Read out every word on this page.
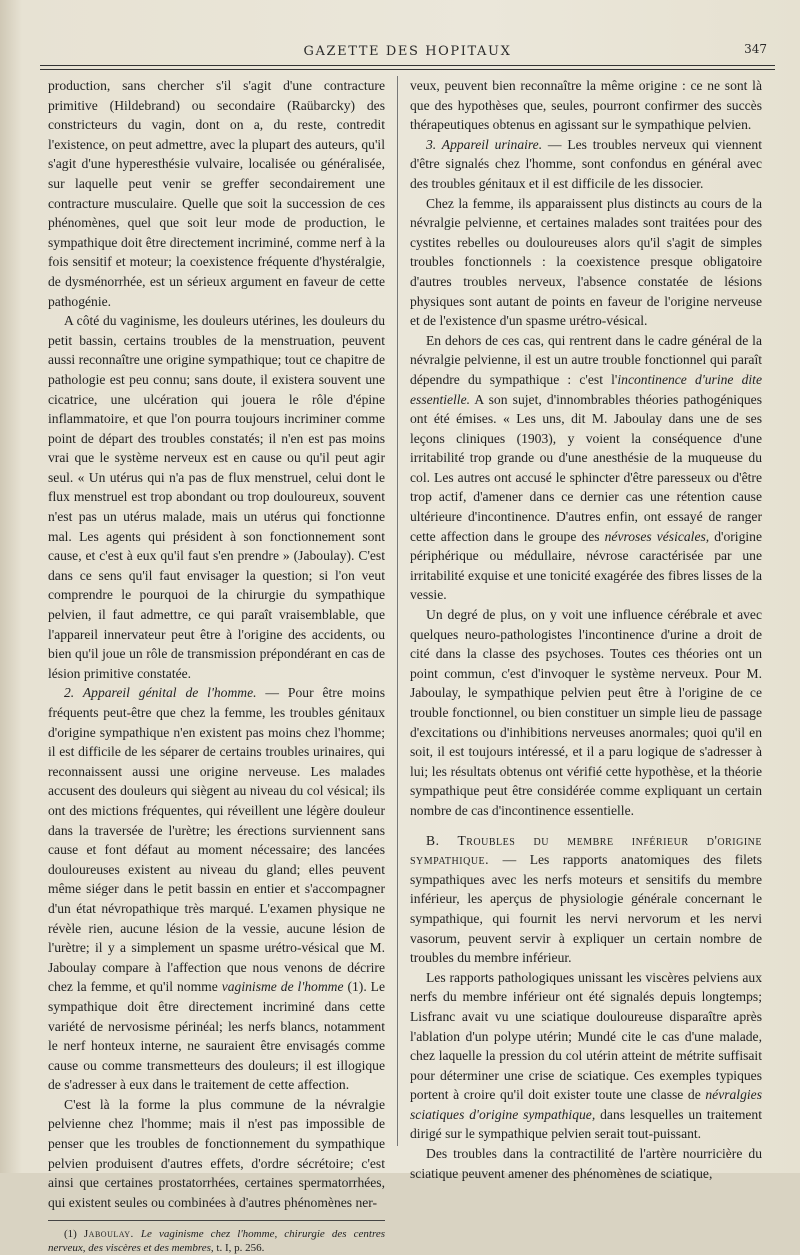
GAZETTE DES HOPITAUX	347

production, sans chercher s'il s'agit d'une contracture primitive (Hildebrand) ou secondaire (Raübarcky) des constricteurs du vagin, dont on a, du reste, contredit l'existence, on peut admettre, avec la plupart des auteurs, qu'il s'agit d'une hyperesthésie vulvaire, localisée ou généralisée, sur laquelle peut venir se greffer secondairement une contracture musculaire. Quelle que soit la succession de ces phénomènes, quel que soit leur mode de production, le sympathique doit être directement incriminé, comme nerf à la fois sensitif et moteur; la coexistence fréquente d'hystéralgie, de dysménorrhée, est un sérieux argument en faveur de cette pathogénie.

A côté du vaginisme, les douleurs utérines, les douleurs du petit bassin, certains troubles de la menstruation, peuvent aussi reconnaître une origine sympathique; tout ce chapitre de pathologie est peu connu; sans doute, il existera souvent une cicatrice, une ulcération qui jouera le rôle d'épine inflammatoire, et que l'on pourra toujours incriminer comme point de départ des troubles constatés; il n'en est pas moins vrai que le système nerveux est en cause ou qu'il peut agir seul. « Un utérus qui n'a pas de flux menstruel, celui dont le flux menstruel est trop abondant ou trop douloureux, souvent n'est pas un utérus malade, mais un utérus qui fonctionne mal. Les agents qui président à son fonctionnement sont cause, et c'est à eux qu'il faut s'en prendre » (Jaboulay). C'est dans ce sens qu'il faut envisager la question; si l'on veut comprendre le pourquoi de la chirurgie du sympathique pelvien, il faut admettre, ce qui paraît vraisemblable, que l'appareil innervateur peut être à l'origine des accidents, ou bien qu'il joue un rôle de transmission prépondérant en cas de lésion primitive constatée.

2. Appareil génital de l'homme. — Pour être moins fréquents peut-être que chez la femme, les troubles génitaux d'origine sympathique n'en existent pas moins chez l'homme; il est difficile de les séparer de certains troubles urinaires, qui reconnaissent aussi une origine nerveuse. Les malades accusent des douleurs qui siègent au niveau du col vésical; ils ont des mictions fréquentes, qui réveillent une légère douleur dans la traversée de l'urètre; les érections surviennent sans cause et font défaut au moment nécessaire; des lancées douloureuses existent au niveau du gland; elles peuvent même siéger dans le petit bassin en entier et s'accompagner d'un état névropathique très marqué. L'examen physique ne révèle rien, aucune lésion de la vessie, aucune lésion de l'urètre; il y a simplement un spasme urétro-vésical que M. Jaboulay compare à l'affection que nous venons de décrire chez la femme, et qu'il nomme vaginisme de l'homme (1). Le sympathique doit être directement incriminé dans cette variété de nervosisme périnéal; les nerfs blancs, notamment le nerf honteux interne, ne sauraient être envisagés comme cause ou comme transmetteurs des douleurs; il est illogique de s'adresser à eux dans le traitement de cette affection.

C'est là la forme la plus commune de la névralgie pelvienne chez l'homme; mais il n'est pas impossible de penser que les troubles de fonctionnement du sympathique pelvien produisent d'autres effets, d'ordre sécrétoire; c'est ainsi que certaines prostatorrhées, certaines spermatorrhées, qui existent seules ou combinées à d'autres phénomènes ner-

(1) Jaboulay. Le vaginisme chez l'homme, chirurgie des centres nerveux, des viscères et des membres, t. I, p. 256.

veux, peuvent bien reconnaître la même origine : ce ne sont là que des hypothèses que, seules, pourront confirmer des succès thérapeutiques obtenus en agissant sur le sympathique pelvien.

3. Appareil urinaire. — Les troubles nerveux qui viennent d'être signalés chez l'homme, sont confondus en général avec des troubles génitaux et il est difficile de les dissocier.

Chez la femme, ils apparaissent plus distincts au cours de la névralgie pelvienne, et certaines malades sont traitées pour des cystites rebelles ou douloureuses alors qu'il s'agit de simples troubles fonctionnels : la coexistence presque obligatoire d'autres troubles nerveux, l'absence constatée de lésions physiques sont autant de points en faveur de l'origine nerveuse et de l'existence d'un spasme urétro-vésical.

En dehors de ces cas, qui rentrent dans le cadre général de la névralgie pelvienne, il est un autre trouble fonctionnel qui paraît dépendre du sympathique : c'est l'incontinence d'urine dite essentielle. A son sujet, d'innombrables théories pathogéniques ont été émises. « Les uns, dit M. Jaboulay dans une de ses leçons cliniques (1903), y voient la conséquence d'une irritabilité trop grande ou d'une anesthésie de la muqueuse du col. Les autres ont accusé le sphincter d'être paresseux ou d'être trop actif, d'amener dans ce dernier cas une rétention cause ultérieure d'incontinence. D'autres enfin, ont essayé de ranger cette affection dans le groupe des névroses vésicales, d'origine périphérique ou médullaire, névrose caractérisée par une irritabilité exquise et une tonicité exagérée des fibres lisses de la vessie.

Un degré de plus, on y voit une influence cérébrale et avec quelques neuro-pathologistes l'incontinence d'urine a droit de cité dans la classe des psychoses. Toutes ces théories ont un point commun, c'est d'invoquer le système nerveux. Pour M. Jaboulay, le sympathique pelvien peut être à l'origine de ce trouble fonctionnel, ou bien constituer un simple lieu de passage d'excitations ou d'inhibitions nerveuses anormales; quoi qu'il en soit, il est toujours intéressé, et il a paru logique de s'adresser à lui; les résultats obtenus ont vérifié cette hypothèse, et la théorie sympathique peut être considérée comme expliquant un certain nombre de cas d'incontinence essentielle.

B. Troubles du membre inférieur d'origine sympathique. — Les rapports anatomiques des filets sympathiques avec les nerfs moteurs et sensitifs du membre inférieur, les aperçus de physiologie générale concernant le sympathique, qui fournit les nervi nervorum et les nervi vasorum, peuvent servir à expliquer un certain nombre de troubles du membre inférieur.

Les rapports pathologiques unissant les viscères pelviens aux nerfs du membre inférieur ont été signalés depuis longtemps; Lisfranc avait vu une sciatique douloureuse disparaître après l'ablation d'un polype utérin; Mundé cite le cas d'une malade, chez laquelle la pression du col utérin atteint de métrite suffisait pour déterminer une crise de sciatique. Ces exemples typiques portent à croire qu'il doit exister toute une classe de névralgies sciatiques d'origine sympathique, dans lesquelles un traitement dirigé sur le sympathique pelvien serait tout-puissant.

Des troubles dans la contractilité de l'artère nourricière du sciatique peuvent amener des phénomènes de sciatique,
